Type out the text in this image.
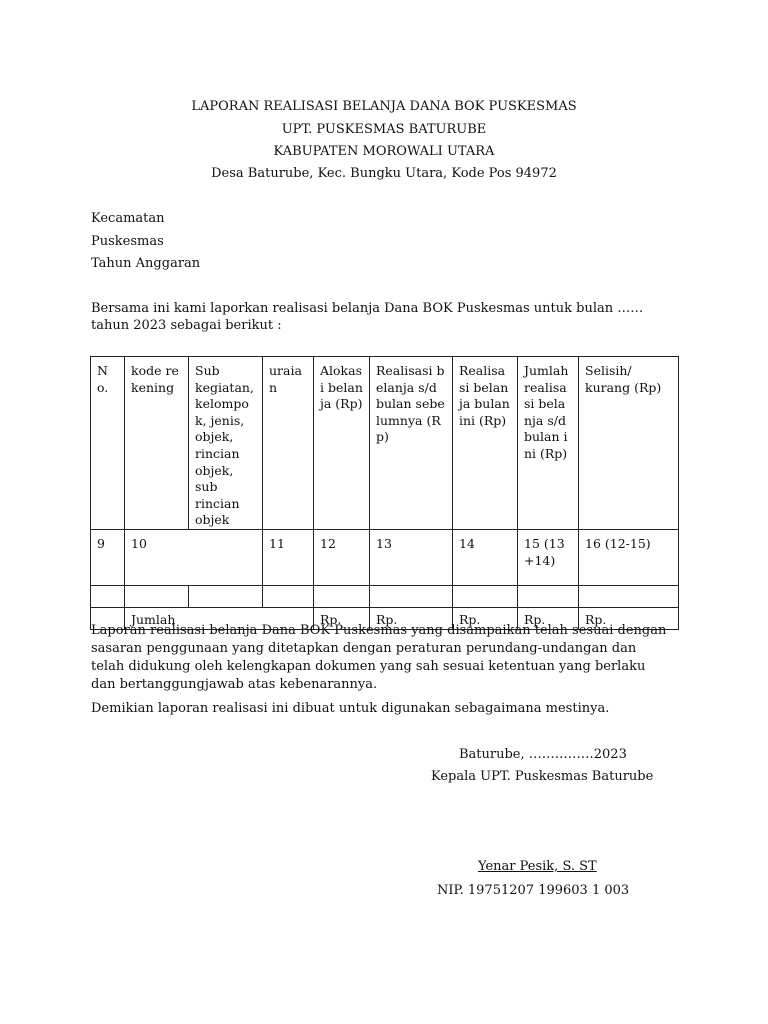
LAPORAN REALISASI BELANJA DANA BOK PUSKESMAS
UPT. PUSKESMAS BATURUBE
KABUPATEN MOROWALI UTARA
Desa Baturube, Kec. Bungku Utara, Kode Pos 94972
Kecamatan
Puskesmas
Tahun Anggaran
Bersama ini kami laporkan realisasi belanja Dana BOK Puskesmas untuk bulan …… tahun 2023 sebagai berikut :
No.	kode rekening	Sub kegiatan, kelompok, jenis, objek, rincian objek, sub rincian objek	uraian	Alokasi belanja (Rp)	Realisasi belanja s/d bulan sebelumnya (Rp)	Realisasi belanja bulan ini (Rp)	Jumlah realisasi belanja s/d bulan ini (Rp)	Selisih/ kurang (Rp)
9	10		11	12	13	14	15 (13+14)	16 (12-15)

	Jumlah			Rp.	Rp.	Rp.	Rp.	Rp.
Laporan realisasi belanja Dana BOK Puskesmas yang disampaikan telah sesuai dengan sasaran penggunaan yang ditetapkan dengan peraturan perundang-undangan dan telah didukung oleh kelengkapan dokumen yang sah sesuai ketentuan yang berlaku dan bertanggungjawab atas kebenarannya.
Demikian laporan realisasi ini dibuat untuk digunakan sebagaimana mestinya.
Baturube, ……………2023
Kepala UPT. Puskesmas Baturube
Yenar Pesik, S. ST
NIP. 19751207 199603 1 003
